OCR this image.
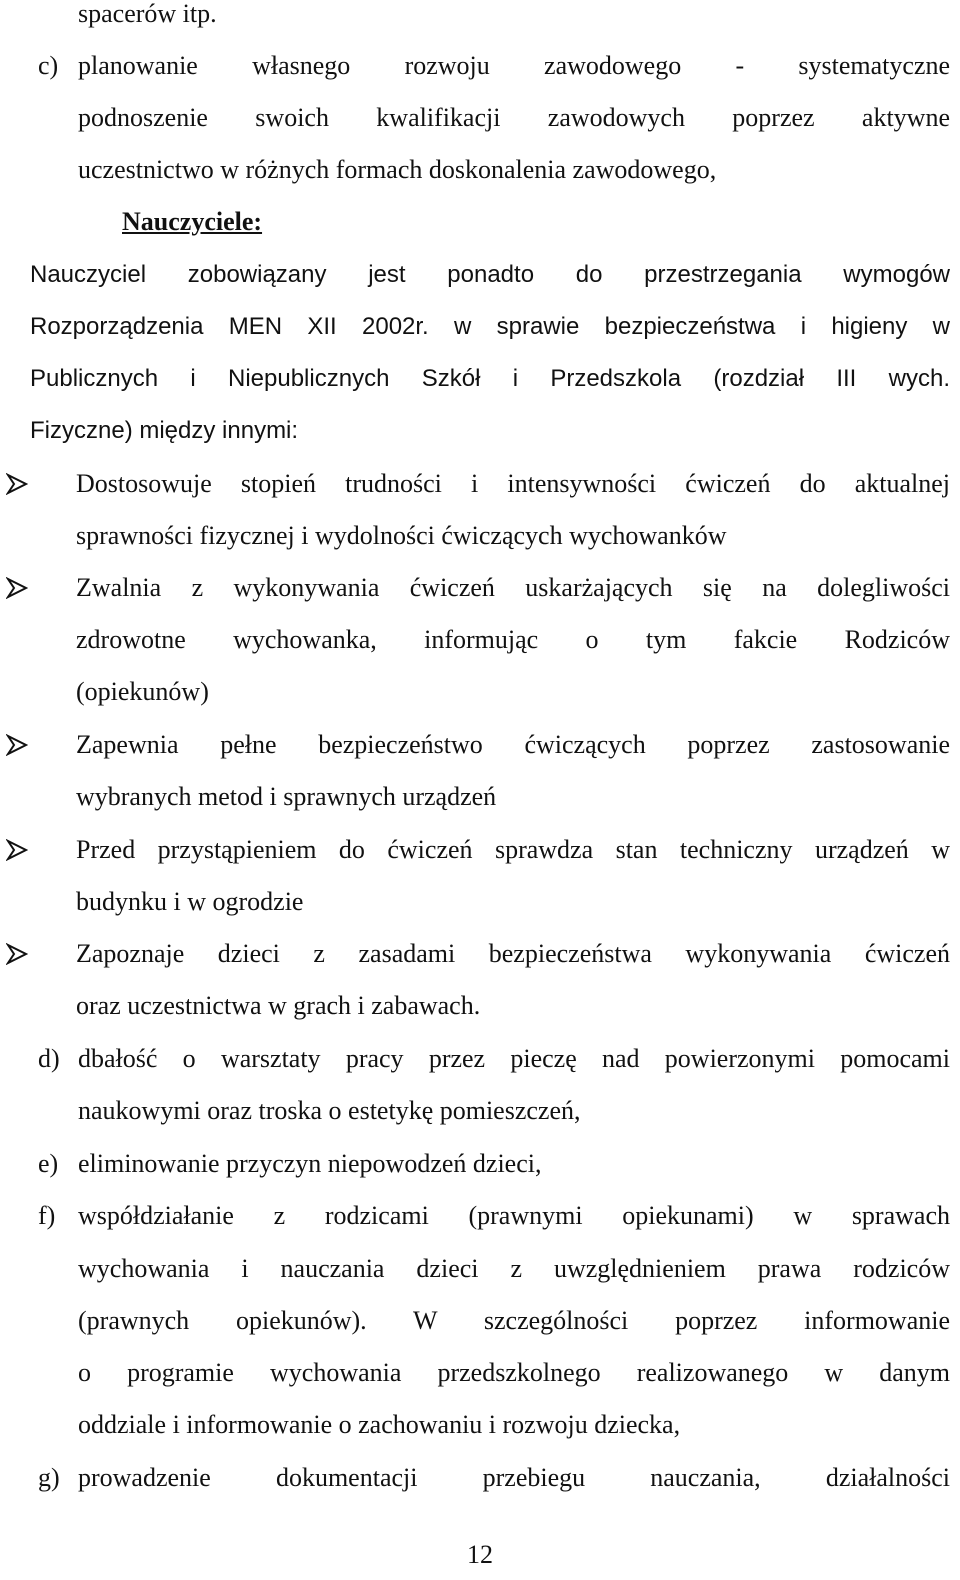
spacerów itp.
c) planowanie własnego rozwoju zawodowego - systematyczne
podnoszenie swoich kwalifikacji zawodowych poprzez aktywne
uczestnictwo w różnych formach doskonalenia zawodowego,
Nauczyciele:
Nauczyciel zobowiązany jest ponadto do przestrzegania wymogów
Rozporządzenia MEN XII 2002r. w sprawie bezpieczeństwa i higieny w
Publicznych i Niepublicznych Szkół i Przedszkola (rozdział III wych.
Fizyczne) między innymi:
Dostosowuje stopień trudności i intensywności ćwiczeń do aktualnej
sprawności fizycznej i wydolności ćwiczących wychowanków
Zwalnia z wykonywania ćwiczeń uskarżających się na dolegliwości
zdrowotne wychowanka, informując o tym fakcie Rodziców
(opiekunów)
Zapewnia pełne bezpieczeństwo ćwiczących poprzez zastosowanie
wybranych metod i sprawnych urządzeń
Przed przystąpieniem do ćwiczeń sprawdza stan techniczny urządzeń w
budynku i w ogrodzie
Zapoznaje dzieci z zasadami bezpieczeństwa wykonywania ćwiczeń
oraz uczestnictwa w grach i zabawach.
d) dbałość o warsztaty pracy przez pieczę nad powierzonymi pomocami
naukowymi oraz troska o estetykę pomieszczeń,
e) eliminowanie przyczyn niepowodzeń dzieci,
f) współdziałanie z rodzicami (prawnymi opiekunami) w sprawach
wychowania i nauczania dzieci z uwzględnieniem prawa rodziców
(prawnych opiekunów). W szczególności poprzez informowanie
o programie wychowania przedszkolnego realizowanego w danym
oddziale i informowanie o zachowaniu i rozwoju dziecka,
g) prowadzenie dokumentacji przebiegu nauczania, działalności
12
